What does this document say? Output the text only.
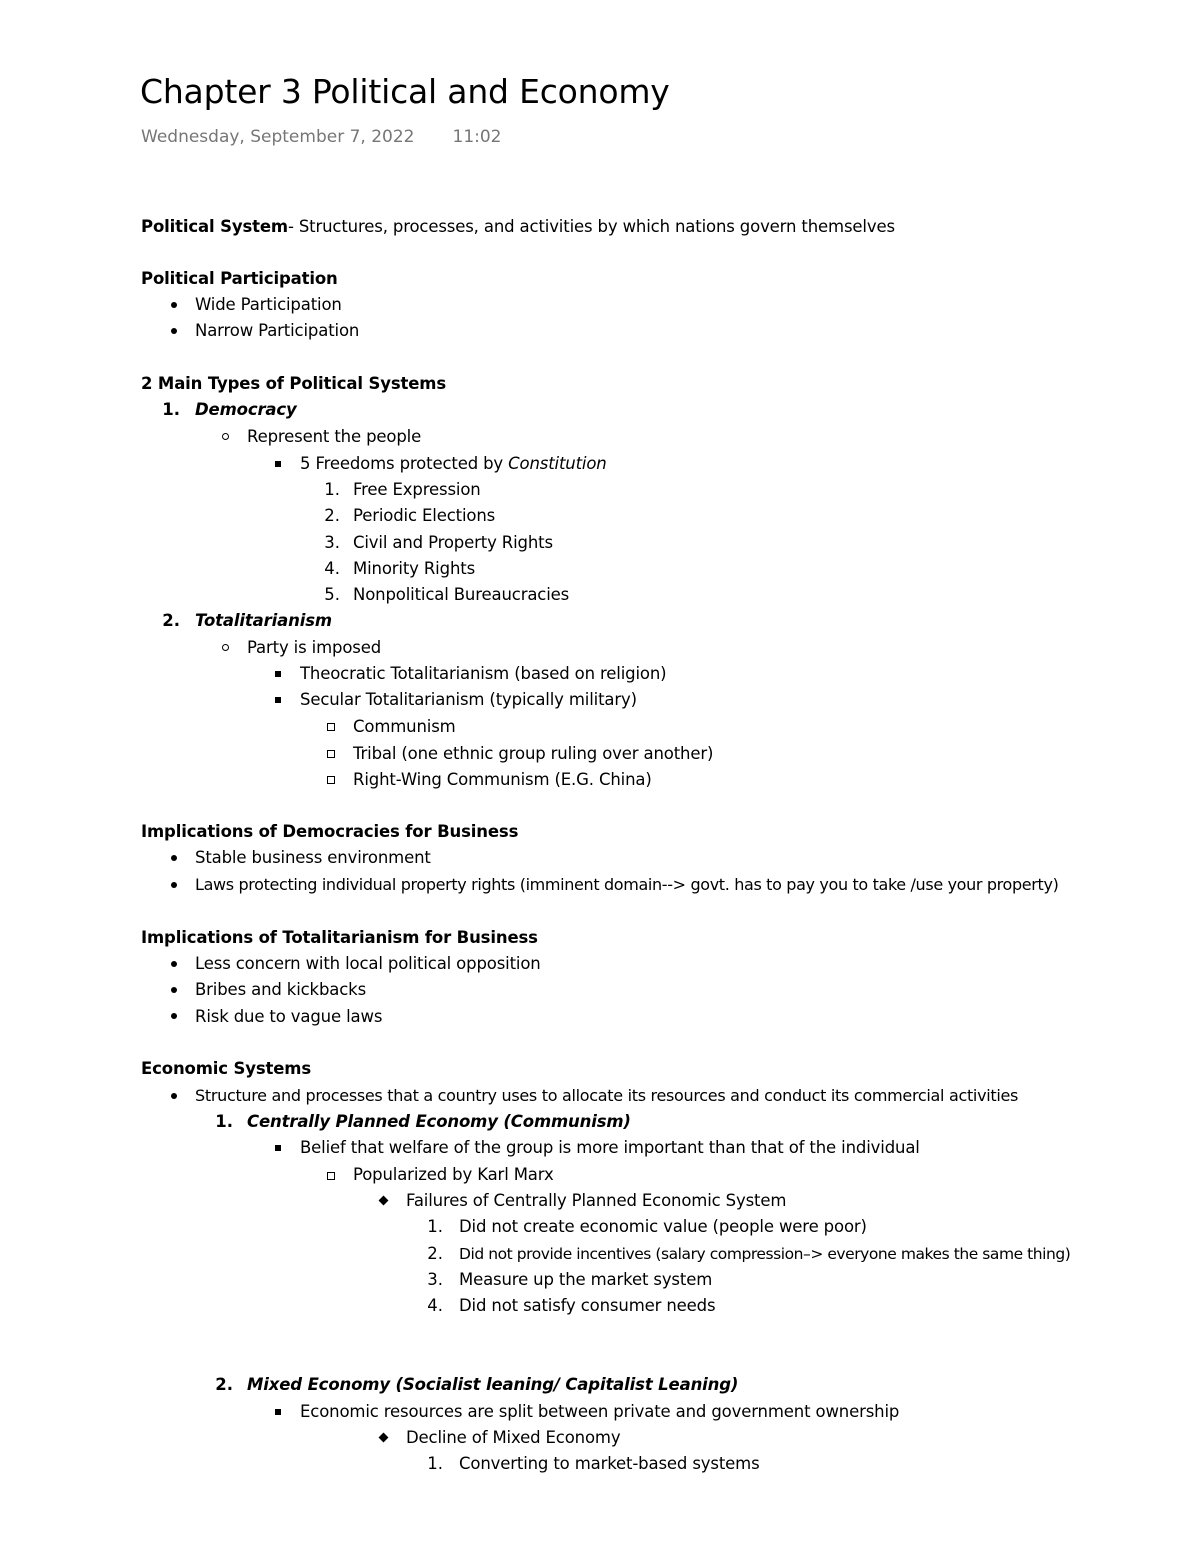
Chapter 3 Political and Economy
Wednesday, September 7, 2022 11:02
Political System- Structures, processes, and activities by which nations govern themselves
Political Participation
Wide Participation
Narrow Participation
2 Main Types of Political Systems
1. Democracy
Represent the people
5 Freedoms protected by Constitution
1. Free Expression
2. Periodic Elections
3. Civil and Property Rights
4. Minority Rights
5. Nonpolitical Bureaucracies
2. Totalitarianism
Party is imposed
Theocratic Totalitarianism (based on religion)
Secular Totalitarianism (typically military)
Communism
Tribal (one ethnic group ruling over another)
Right-Wing Communism (E.G. China)
Implications of Democracies for Business
Stable business environment
Laws protecting individual property rights (imminent domain--> govt. has to pay you to take /use your property)
Implications of Totalitarianism for Business
Less concern with local political opposition
Bribes and kickbacks
Risk due to vague laws
Economic Systems
Structure and processes that a country uses to allocate its resources and conduct its commercial activities
1. Centrally Planned Economy (Communism)
Belief that welfare of the group is more important than that of the individual
Popularized by Karl Marx
Failures of Centrally Planned Economic System
1. Did not create economic value (people were poor)
2. Did not provide incentives (salary compression–> everyone makes the same thing)
3. Measure up the market system
4. Did not satisfy consumer needs
2. Mixed Economy (Socialist leaning/ Capitalist Leaning)
Economic resources are split between private and government ownership
Decline of Mixed Economy
1. Converting to market-based systems
